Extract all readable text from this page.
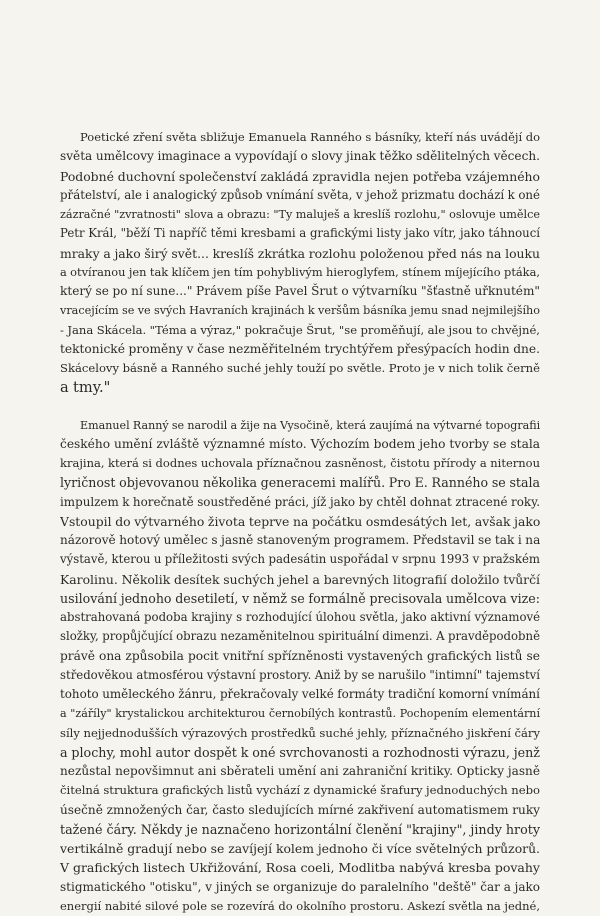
Poetické zření světa sbližuje Emanuela Ranného s básníky, kteří nás uvádějí do
světa umělcovy imaginace a vypovídají o slovy jinak těžko sdělitelných věcech.
Podobné duchovní společenství zakládá zpravidla nejen potřeba vzájemného
přátelství, ale i analogický způsob vnímání světa, v jehož prizmatu dochází k oné
zázračné "zvratnosti" slova a obrazu: "Ty maluješ a kreslíš rozlohu," oslovuje umělce
Petr Král, "běží Ti napříč těmi kresbami a grafickými listy jako vítr, jako táhnoucí
mraky a jako širý svět... kreslíš zkrátka rozlohu položenou před nás na louku
a otvíranou jen tak klíčem jen tím pohyblivým hieroglyfem, stínem míjejícího ptáka,
který se po ní sune..." Právem píše Pavel Šrut o výtvarníku "šťastně uřknutém"
vracejícím se ve svých Havraních krajinách k veršům básníka jemu snad nejmilejšího
- Jana Skácela. "Téma a výraz," pokračuje Šrut, "se proměňují, ale jsou to chvějné,
tektonické proměny v čase nezměřitelném trychtýřem přesýpacích hodin dne.
Skácelovy básně a Ranného suché jehly touží po světle. Proto je v nich tolik černě
a tmy."
Emanuel Ranný se narodil a žije na Vysočině, která zaujímá na výtvarné topografii
českého umění zvláště významné místo. Výchozím bodem jeho tvorby se stala
krajina, která si dodnes uchovala příznačnou zasněnost, čistotu přírody a niternou
lyričnost objevovanou několika generacemi malířů. Pro E. Ranného se stala
impulzem k horečnatě soustředěné práci, jíž jako by chtěl dohnat ztracené roky.
Vstoupil do výtvarného života teprve na počátku osmdesátých let, avšak jako
názorově hotový umělec s jasně stanoveným programem. Představil se tak i na
výstavě, kterou u příležitosti svých padesátin uspořádal v srpnu 1993 v pražském
Karolinu. Několik desítek suchých jehel a barevných litografií doložilo tvůrčí
usilování jednoho desetiletí, v němž se formálně precisovala umělcova vize:
abstrahovaná podoba krajiny s rozhodující úlohou světla, jako aktivní významové
složky, propůjčující obrazu nezaměnitelnou spirituální dimenzi. A pravděpodobně
právě ona způsobila pocit vnitřní spřízněnosti vystavených grafických listů se
středověkou atmosférou výstavní prostory. Aniž by se narušilo "intimní" tajemství
tohoto uměleckého žánru, překračovaly velké formáty tradiční komorní vnímání
a "záříly" krystalickou architekturou černobílých kontrastů. Pochopením elementární
síly nejjednodušších výrazových prostředků suché jehly, příznačného jiskření čáry
a plochy, mohl autor dospět k oné svrchovanosti a rozhodnosti výrazu, jenž
nezůstal nepovšimnut ani sběrateli umění ani zahraniční kritiky. Opticky jasně
čitelná struktura grafických listů vychází z dynamické šrafury jednoduchých nebo
úsečně zmnožených čar, často sledujících mírné zakřivení automatismem ruky
tažené čáry. Někdy je naznačeno horizontální členění "krajiny", jindy hroty
vertikálně gradují nebo se zavíjejí kolem jednoho či více světelných průzorů.
V grafických listech Ukřižování, Rosa coeli, Modlitba nabývá kresba povahy
stigmatického "otisku", v jiných se organizuje do paralelního "deště" čar a jako
energií nabité silové pole se rozevírá do okolního prostoru. Askezí světla na jedné,
